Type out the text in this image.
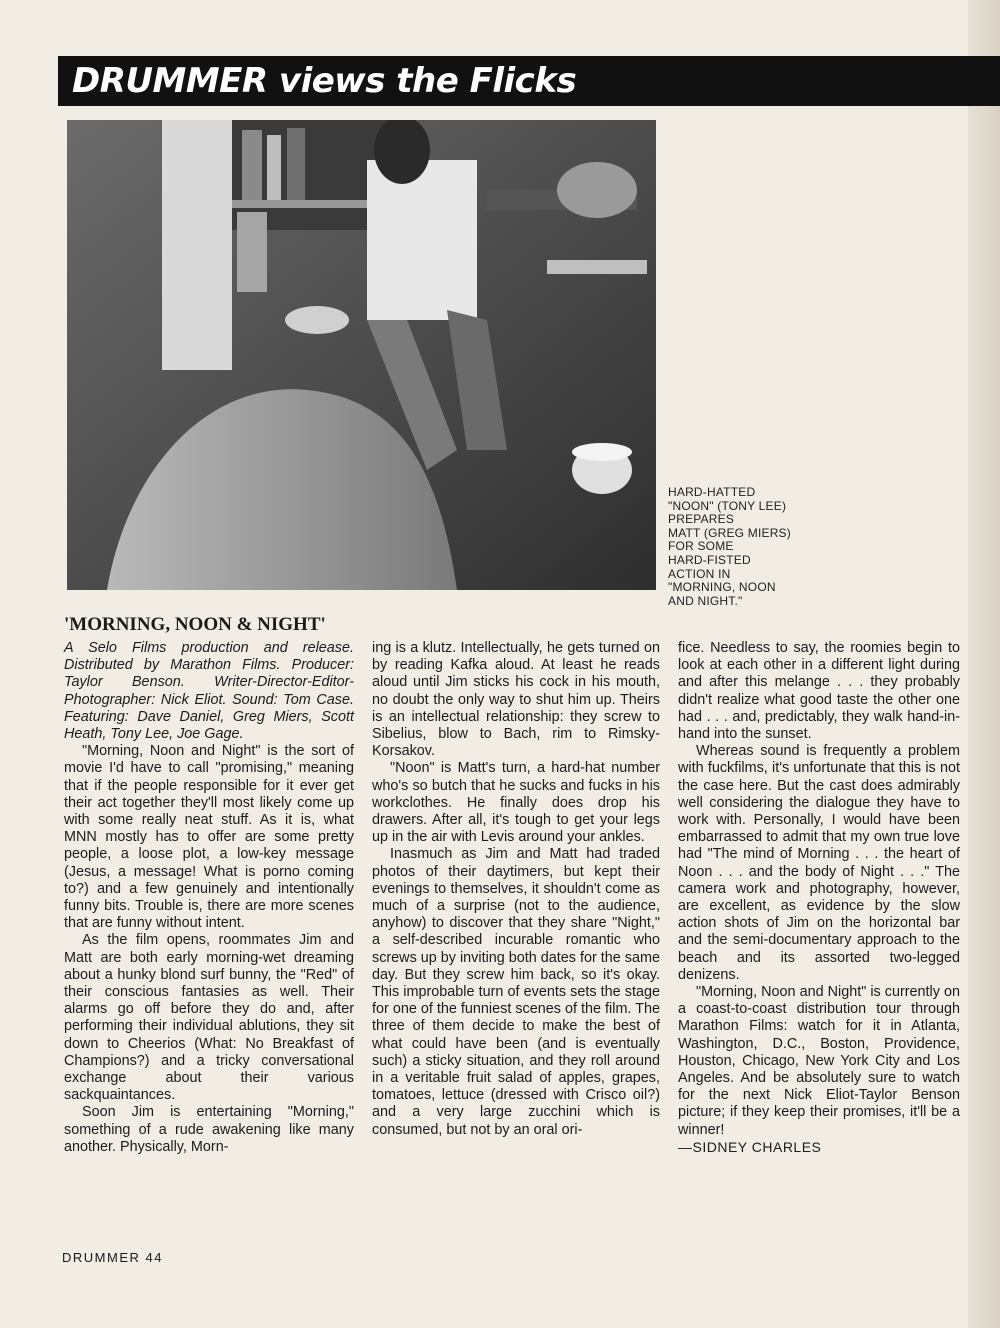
DRUMMER views the Flicks
HARD-HATTED
"NOON" (TONY LEE)
PREPARES
MATT (GREG MIERS)
FOR SOME
HARD-FISTED
ACTION IN
"MORNING, NOON
AND NIGHT."
'MORNING, NOON & NIGHT'

A Selo Films production and release. Distributed by Marathon Films. Producer: Taylor Benson. Writer-Director-Editor-Photographer: Nick Eliot. Sound: Tom Case. Featuring: Dave Daniel, Greg Miers, Scott Heath, Tony Lee, Joe Gage.

"Morning, Noon and Night" is the sort of movie I'd have to call "promising," meaning that if the people responsible for it ever get their act together they'll most likely come up with some really neat stuff. As it is, what MNN mostly has to offer are some pretty people, a loose plot, a low-key message (Jesus, a message! What is porno coming to?) and a few genuinely and intentionally funny bits. Trouble is, there are more scenes that are funny without intent.

As the film opens, roommates Jim and Matt are both early morning-wet dreaming about a hunky blond surf bunny, the "Red" of their conscious fantasies as well. Their alarms go off before they do and, after performing their individual ablutions, they sit down to Cheerios (What: No Breakfast of Champions?) and a tricky conversational exchange about their various sackquaintances.

Soon Jim is entertaining "Morning," something of a rude awakening like many another. Physically, Morn-

ing is a klutz. Intellectually, he gets turned on by reading Kafka aloud. At least he reads aloud until Jim sticks his cock in his mouth, no doubt the only way to shut him up. Theirs is an intellectual relationship: they screw to Sibelius, blow to Bach, rim to Rimsky-Korsakov.

"Noon" is Matt's turn, a hard-hat number who's so butch that he sucks and fucks in his workclothes. He finally does drop his drawers. After all, it's tough to get your legs up in the air with Levis around your ankles.

Inasmuch as Jim and Matt had traded photos of their daytimers, but kept their evenings to themselves, it shouldn't come as much of a surprise (not to the audience, anyhow) to discover that they share "Night," a self-described incurable romantic who screws up by inviting both dates for the same day. But they screw him back, so it's okay. This improbable turn of events sets the stage for one of the funniest scenes of the film. The three of them decide to make the best of what could have been (and is eventually such) a sticky situation, and they roll around in a veritable fruit salad of apples, grapes, tomatoes, lettuce (dressed with Crisco oil?) and a very large zucchini which is consumed, but not by an oral ori-

fice. Needless to say, the roomies begin to look at each other in a different light during and after this melange . . . they probably didn't realize what good taste the other one had . . . and, predictably, they walk hand-in-hand into the sunset.

Whereas sound is frequently a problem with fuckfilms, it's unfortunate that this is not the case here. But the cast does admirably well considering the dialogue they have to work with. Personally, I would have been embarrassed to admit that my own true love had "The mind of Morning . . . the heart of Noon . . . and the body of Night . . ." The camera work and photography, however, are excellent, as evidence by the slow action shots of Jim on the horizontal bar and the semi-documentary approach to the beach and its assorted two-legged denizens.

"Morning, Noon and Night" is currently on a coast-to-coast distribution tour through Marathon Films: watch for it in Atlanta, Washington, D.C., Boston, Providence, Houston, Chicago, New York City and Los Angeles. And be absolutely sure to watch for the next Nick Eliot-Taylor Benson picture; if they keep their promises, it'll be a winner!

—SIDNEY CHARLES

DRUMMER 44
